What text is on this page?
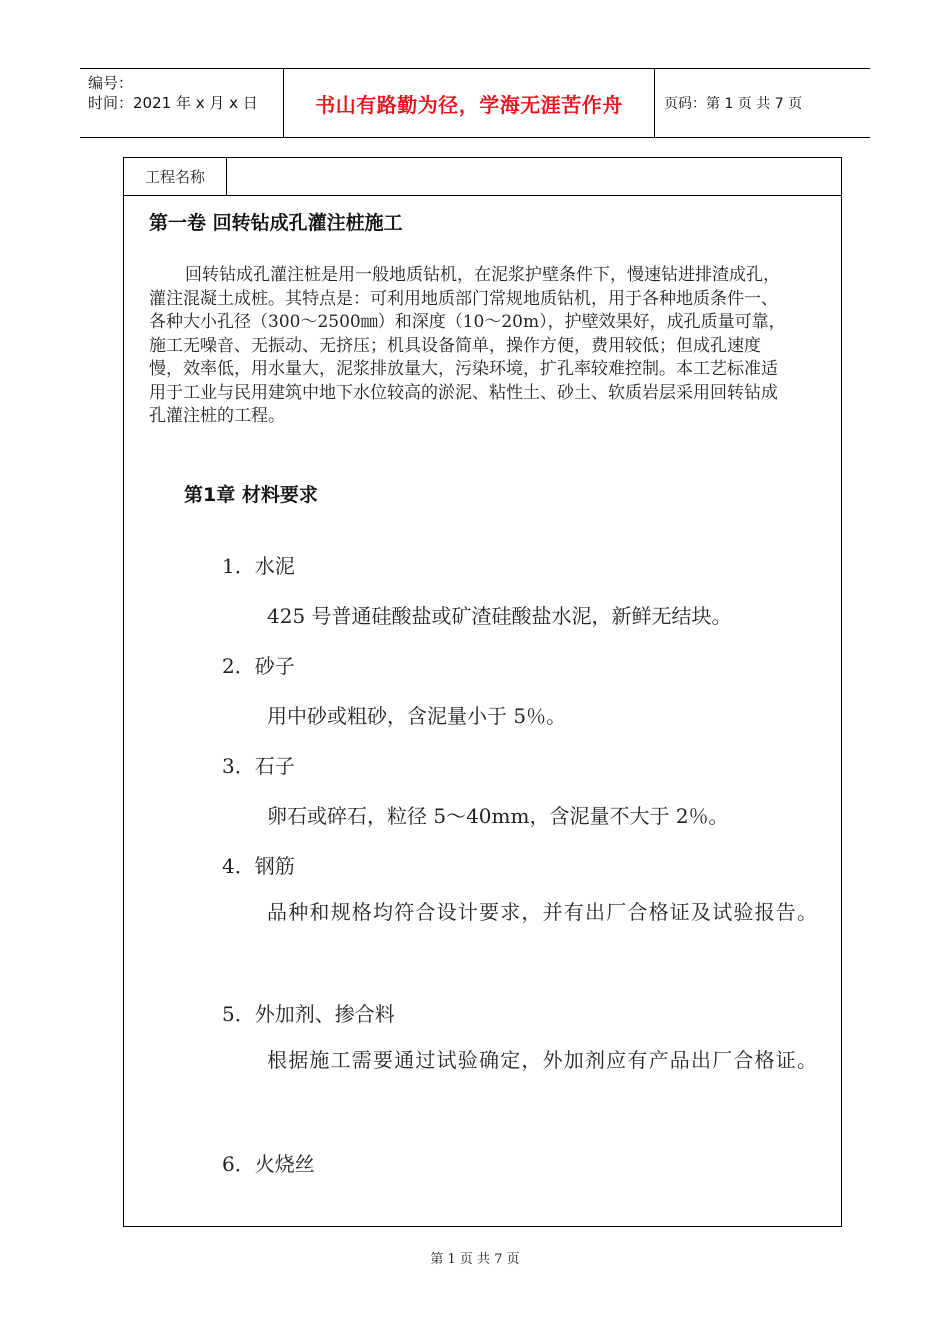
编号：
时间：2021 年 x 月 x 日	书山有路勤为径，学海无涯苦作舟	页码：第 1 页 共 7 页
工程名称
第一卷 回转钻成孔灌注桩施工

回转钻成孔灌注桩是用一般地质钻机，在泥浆护壁条件下，慢速钻进排渣成孔，灌注混凝土成桩。其特点是：可利用地质部门常规地质钻机，用于各种地质条件一、各种大小孔径（300～2500㎜）和深度（10～20m），护壁效果好，成孔质量可靠，施工无噪音、无振动、无挤压；机具设备简单，操作方便，费用较低；但成孔速度慢，效率低，用水量大，泥浆排放量大，污染环境，扩孔率较难控制。本工艺标准适用于工业与民用建筑中地下水位较高的淤泥、粘性土、砂土、软质岩层采用回转钻成孔灌注桩的工程。

第1章 材料要求
1．水泥
425 号普通硅酸盐或矿渣硅酸盐水泥，新鲜无结块。
2．砂子
用中砂或粗砂，含泥量小于 5％。
3．石子
卵石或碎石，粒径 5～40mm，含泥量不大于 2％。
4．钢筋

品种和规格均符合设计要求，并有出厂合格证及试验报告。

5．外加剂、掺合料

根据施工需要通过试验确定，外加剂应有产品出厂合格证。

6．火烧丝
第 1 页 共 7 页
